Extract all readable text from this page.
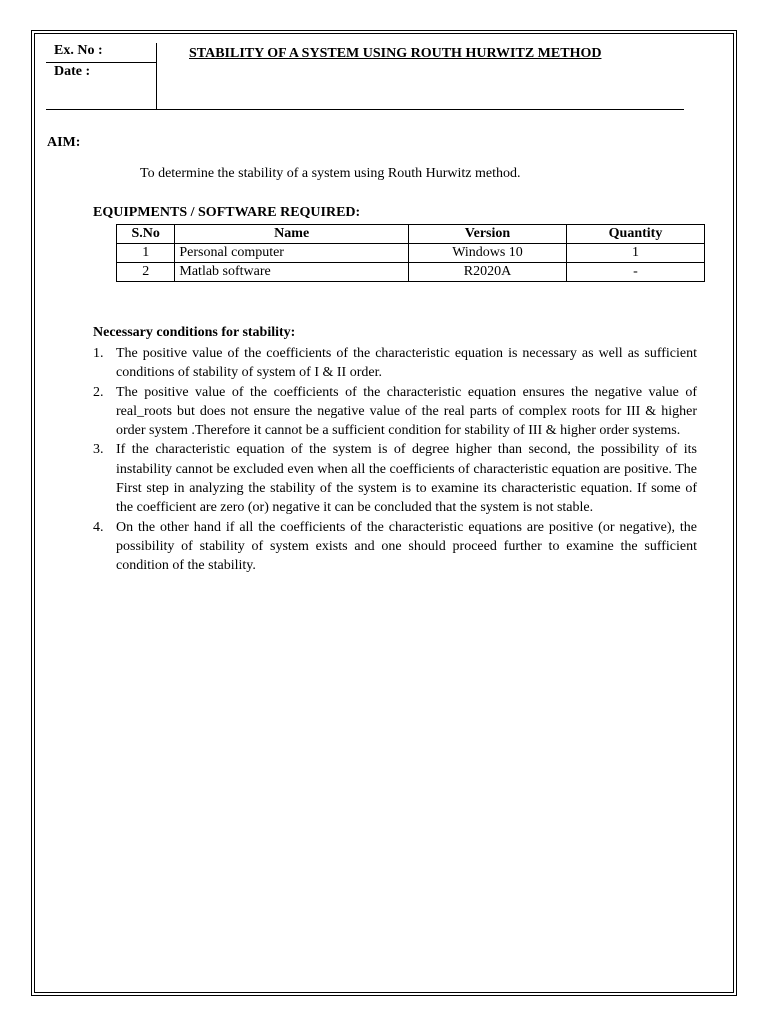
Ex. No :
Date :
STABILITY OF A SYSTEM USING ROUTH HURWITZ METHOD
AIM:
To determine the stability of a system using Routh Hurwitz method.
EQUIPMENTS / SOFTWARE REQUIRED:
S.No	Name	Version	Quantity
1	Personal computer	Windows 10	1
2	Matlab software	R2020A	-
Necessary conditions for stability:
1. The positive value of the coefficients of the characteristic equation is necessary as well as sufficient conditions of stability of system of I & II order.
2. The positive value of the coefficients of the characteristic equation ensures the negative value of real_roots but does not ensure the negative value of the real parts of complex roots for III & higher order system .Therefore it cannot be a sufficient condition for stability of III & higher order systems.
3. If the characteristic equation of the system is of degree higher than second, the possibility of its instability cannot be excluded even when all the coefficients of characteristic equation are positive. The First step in analyzing the stability of the system is to examine its characteristic equation. If some of the coefficient are zero (or) negative it can be concluded that the system is not stable.
4. On the other hand if all the coefficients of the characteristic equations are positive (or negative), the possibility of stability of system exists and one should proceed further to examine the sufficient condition of the stability.
